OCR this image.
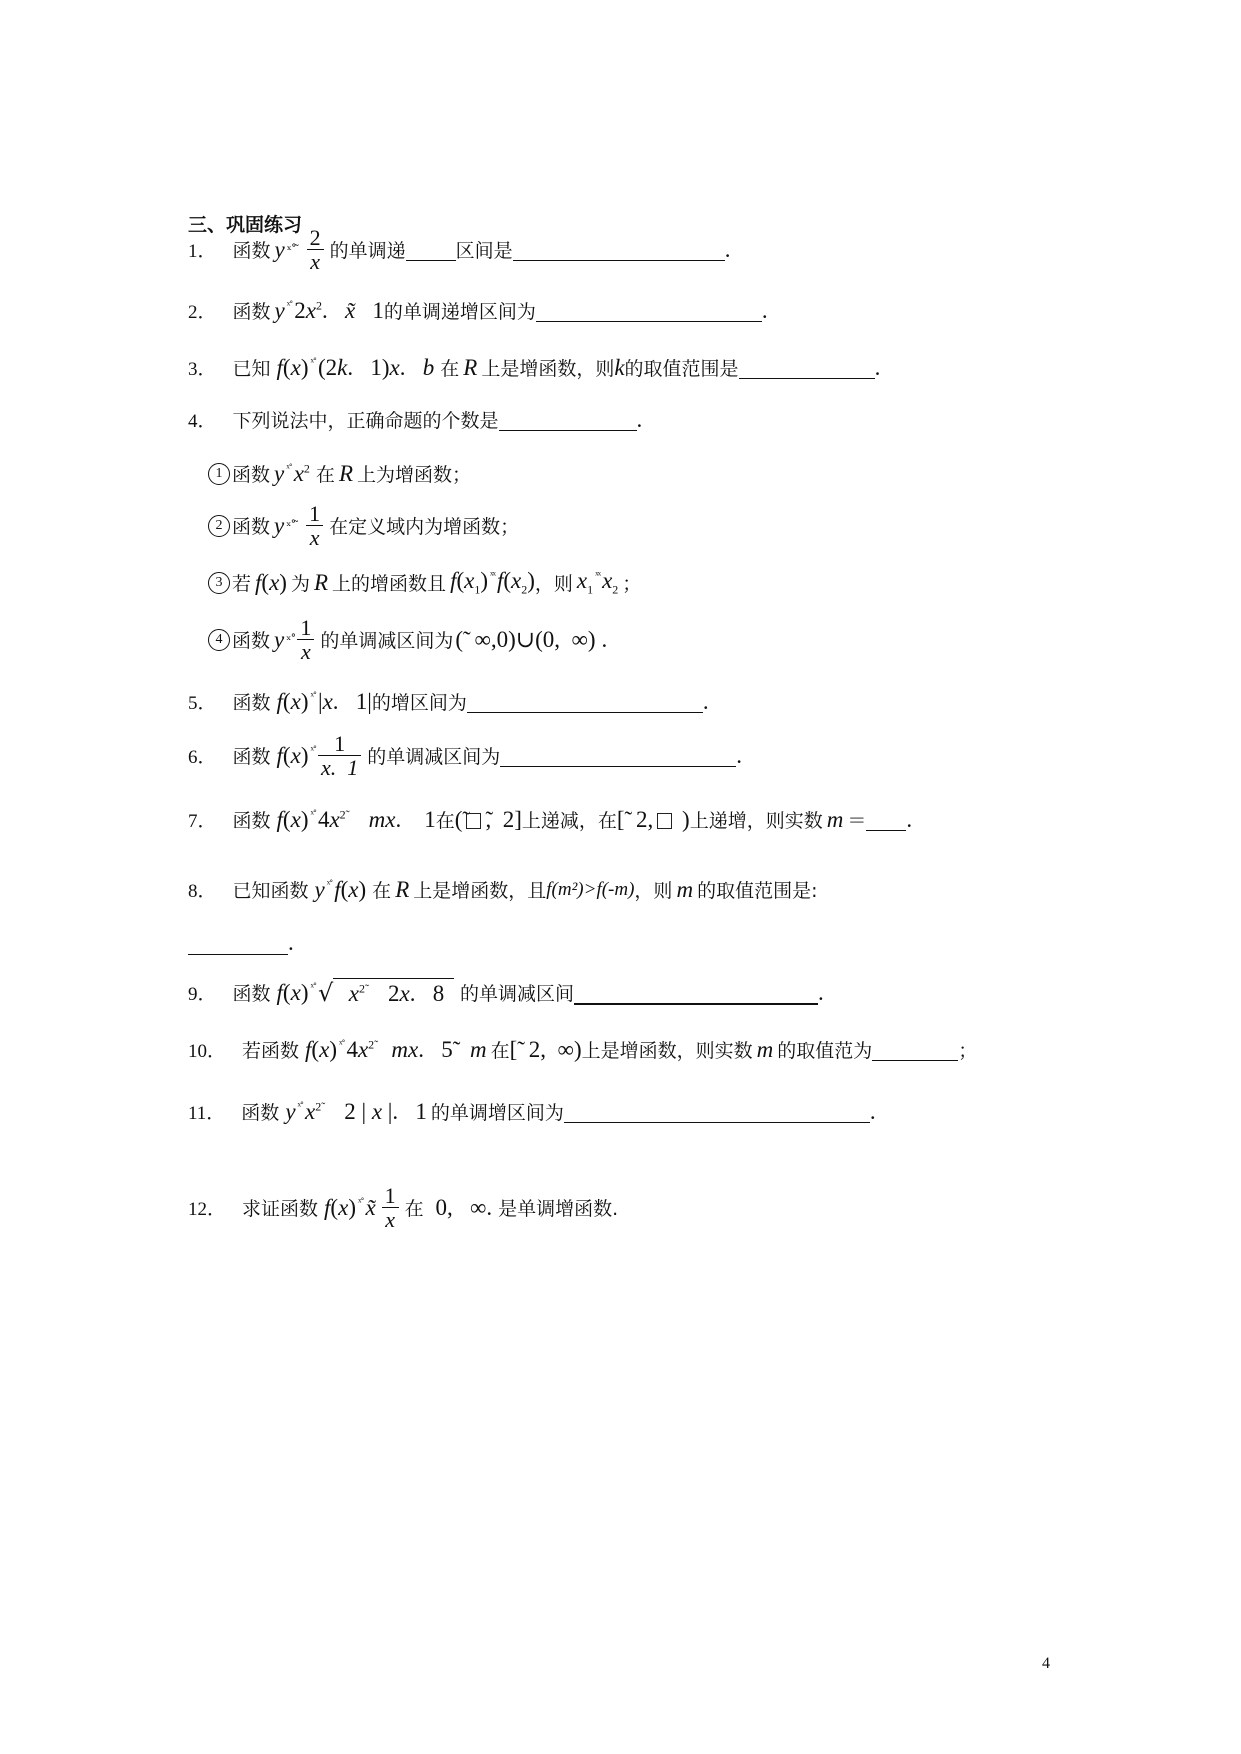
三、巩固练习
1． 函数 y ˣ˚ ̃ $\frac{2}{x}$ 的单调递	区间是	.
2． 函数 y $^{ˣ˚}2x^2$.   x̃   1 的单调递增区间为	.
3． 已知 f(x) $^{ˣ˚}$(2k.   1)x.   b 在 R 上是增函数，则 k 的取值范围是	.
4． 下列说法中，正确命题的个数是	.
1 函数 y $^{ˣ˚}x^2$ 在 R 上为增函数；
2 函数 y ˣ˚ ̃ $\frac{1}{x}$ 在定义域内为增函数；
3 若 f(x) 为 R 上的增函数且 $f(x_1)$ $^{ˣˣ}f(x_2)$ ，则 $x_1^{ˣˣ}x_2$ ；
4 函数 y ˣ˚ $\frac{1}{x}$ 的单调减区间为 (̃  ∞,0)∪(0,  ∞) .
5． 函数 f(x) $^{ˣ˚}$|x.   1| 的增区间为	.
6． 函数 f(x) $^{ˣ˚} \frac{1}{x. 1}$ 的单调减区间为	.
7． 函数 f(x) $^{ˣ˚}4x^{2̃}$ mx.    1 在 (̃ ̃,  2] 上递减，在 [̃  2, ) 上递增，则实数 m ＝ .
8． 已知函数 y $^{ˣ˚}$f(x) 在 R 上是增函数，且 f(m²)>f(-m) ，则 m 的取值范围是:
.
9． 函数 f(x) $^{ˣ˚}$ √ $x^{2̃}$    2x.   8 的单调减区间	.
10． 若函数 f(x) $^{ˣ˚}4x^{2̃}$ mx.   5̃   m 在 [̃  2,  ∞) 上是增函数，则实数 m 的取值范 为	；
11． 函数 y $^{ˣ˚}x^{2̃}$    2 | x |.   1 的单调增区间为	.
12． 求证函数 f(x) $^{ˣ˚}$x̃ $\frac{1}{x}$ 在 0,   ∞. 是单调增函数.
4
